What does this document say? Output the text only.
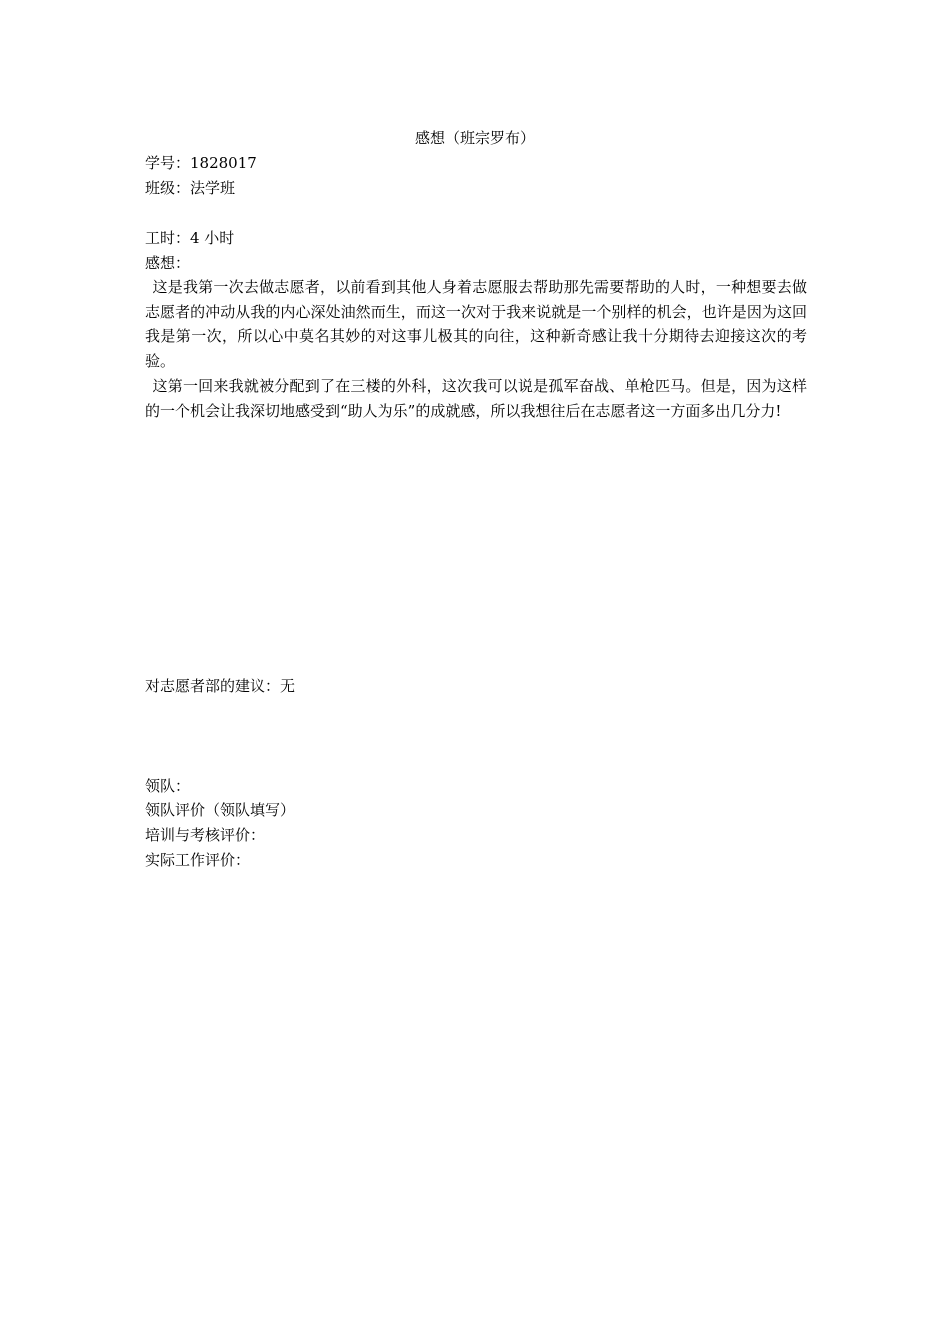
感想（班宗罗布）
学号：1828017
班级：法学班
工时：4 小时
感想：
这是我第一次去做志愿者，以前看到其他人身着志愿服去帮助那先需要帮助的人时，一种想要去做志愿者的冲动从我的内心深处油然而生，而这一次对于我来说就是一个别样的机会，也许是因为这回我是第一次，所以心中莫名其妙的对这事儿极其的向往，这种新奇感让我十分期待去迎接这次的考验。
这第一回来我就被分配到了在三楼的外科，这次我可以说是孤军奋战、单枪匹马。但是，因为这样的一个机会让我深切地感受到“助人为乐”的成就感，所以我想往后在志愿者这一方面多出几分力!
对志愿者部的建议：无
领队：
领队评价（领队填写）
培训与考核评价：
实际工作评价：
